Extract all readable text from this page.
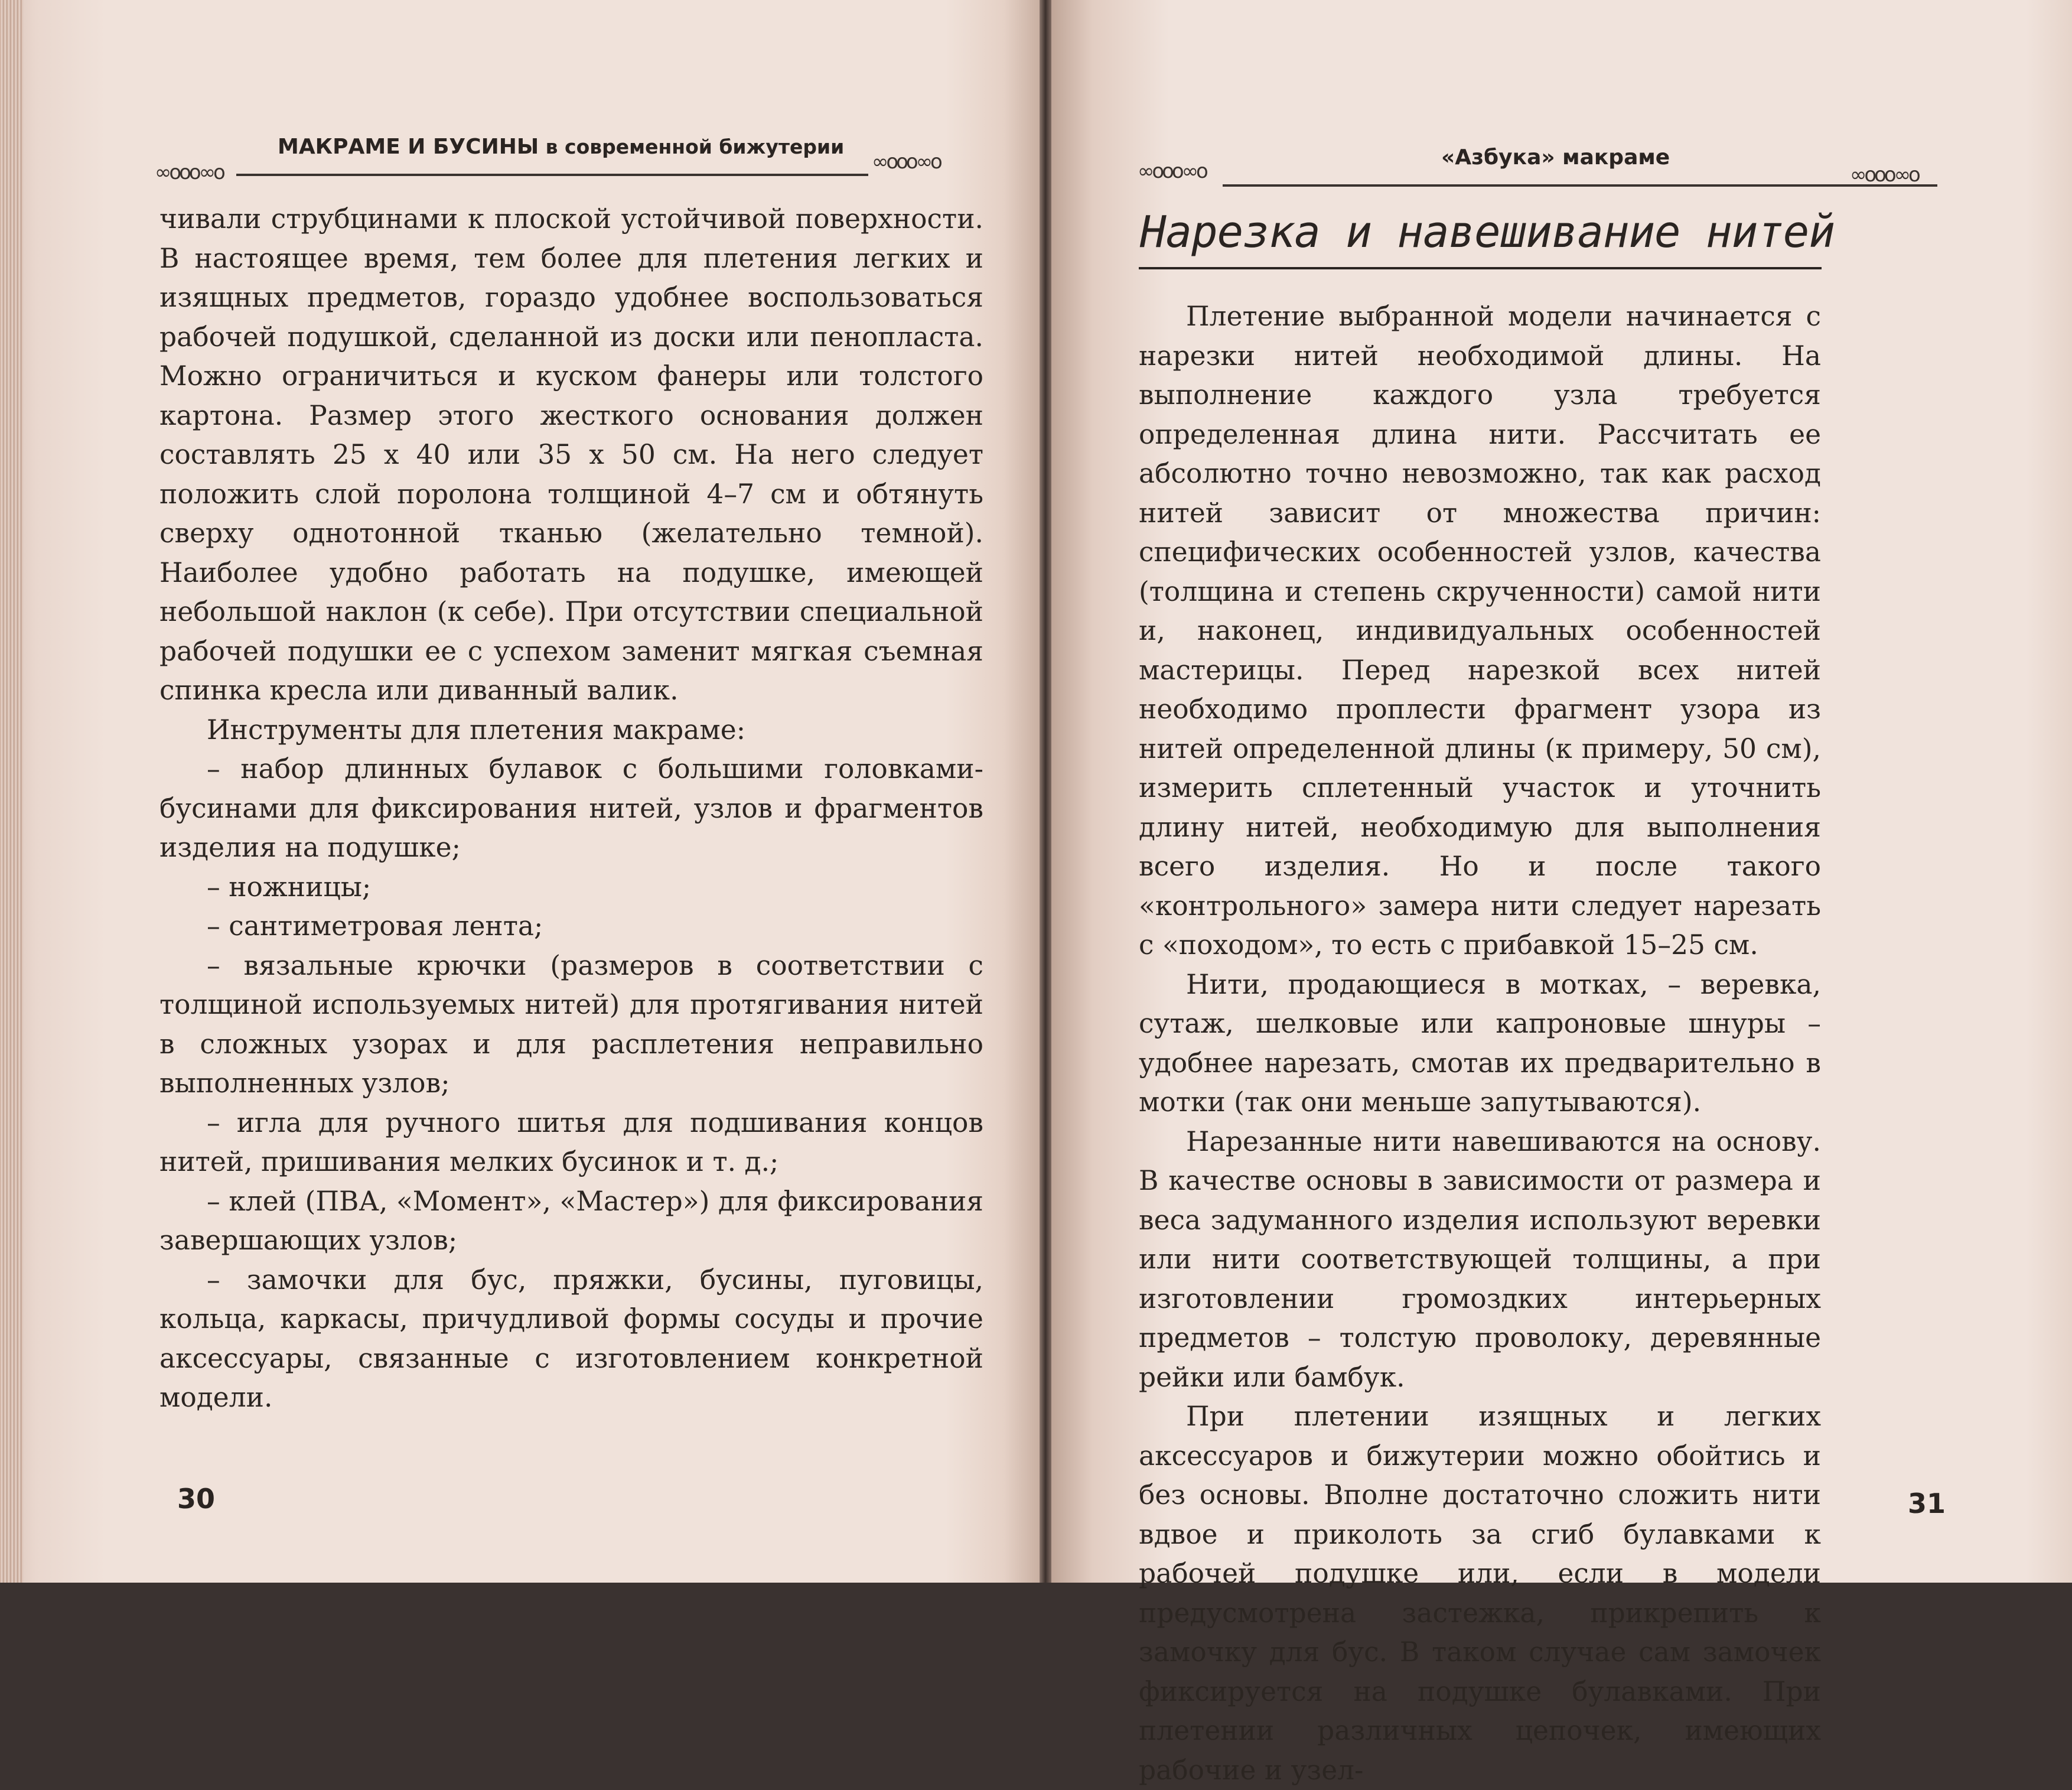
МАКРАМЕ И БУСИНЫ в современной бижутерии
∞ooo∞o	∞ooo∞o

чивали струбцинами к плоской устойчивой поверхности. В настоящее время, тем более для плетения легких и изящных предметов, гораздо удобнее воспользоваться рабочей подушкой, сделанной из доски или пенопласта. Можно ограничиться и куском фанеры или толстого картона. Размер этого жесткого основания должен составлять 25 х 40 или 35 х 50 см. На него следует положить слой поролона толщиной 4–7 см и обтянуть сверху однотонной тканью (желательно темной). Наиболее удобно работать на подушке, имеющей небольшой наклон (к себе). При отсутствии специальной рабочей подушки ее с успехом заменит мягкая съемная спинка кресла или диванный валик.

Инструменты для плетения макраме:

– набор длинных булавок с большими головками-бусинами для фиксирования нитей, узлов и фрагментов изделия на подушке;

– ножницы;

– сантиметровая лента;

– вязальные крючки (размеров в соответствии с толщиной используемых нитей) для протягивания нитей в сложных узорах и для расплетения неправильно выполненных узлов;

– игла для ручного шитья для подшивания концов нитей, пришивания мелких бусинок и т. д.;

– клей (ПВА, «Момент», «Мастер») для фиксирования завершающих узлов;

– замочки для бус, пряжки, бусины, пуговицы, кольца, каркасы, причудливой формы сосуды и прочие аксессуары, связанные с изготовлением конкретной модели.

30
∞ooo∞o	∞ooo∞o
«Азбука» макраме
Нарезка и навешивание нитей

Плетение выбранной модели начинается с нарезки нитей необходимой длины. На выполнение каждого узла требуется определенная длина нити. Рассчитать ее абсолютно точно невозможно, так как расход нитей зависит от множества причин: специфических особенностей узлов, качества (толщина и степень скрученности) самой нити и, наконец, индивидуальных особенностей мастерицы. Перед нарезкой всех нитей необходимо проплести фрагмент узора из нитей определенной длины (к примеру, 50 см), измерить сплетенный участок и уточнить длину нитей, необходимую для выполнения всего изделия. Но и после такого «контрольного» замера нити следует нарезать с «походом», то есть с прибавкой 15–25 см.

Нити, продающиеся в мотках, – веревка, сутаж, шелковые или капроновые шнуры – удобнее нарезать, смотав их предварительно в мотки (так они меньше запутываются).

Нарезанные нити навешиваются на основу. В качестве основы в зависимости от размера и веса задуманного изделия используют веревки или нити соответствующей толщины, а при изготовлении громоздких интерьерных предметов – толстую проволоку, деревянные рейки или бамбук.

При плетении изящных и легких аксессуаров и бижутерии можно обойтись и без основы. Вполне достаточно сложить нити вдвое и приколоть за сгиб булавками к рабочей подушке или, если в модели предусмотрена застежка, прикрепить к замочку для бус. В таком случае сам замочек фиксируется на подушке булавками. При плетении различных цепочек, имеющих рабочие и узел-

31
